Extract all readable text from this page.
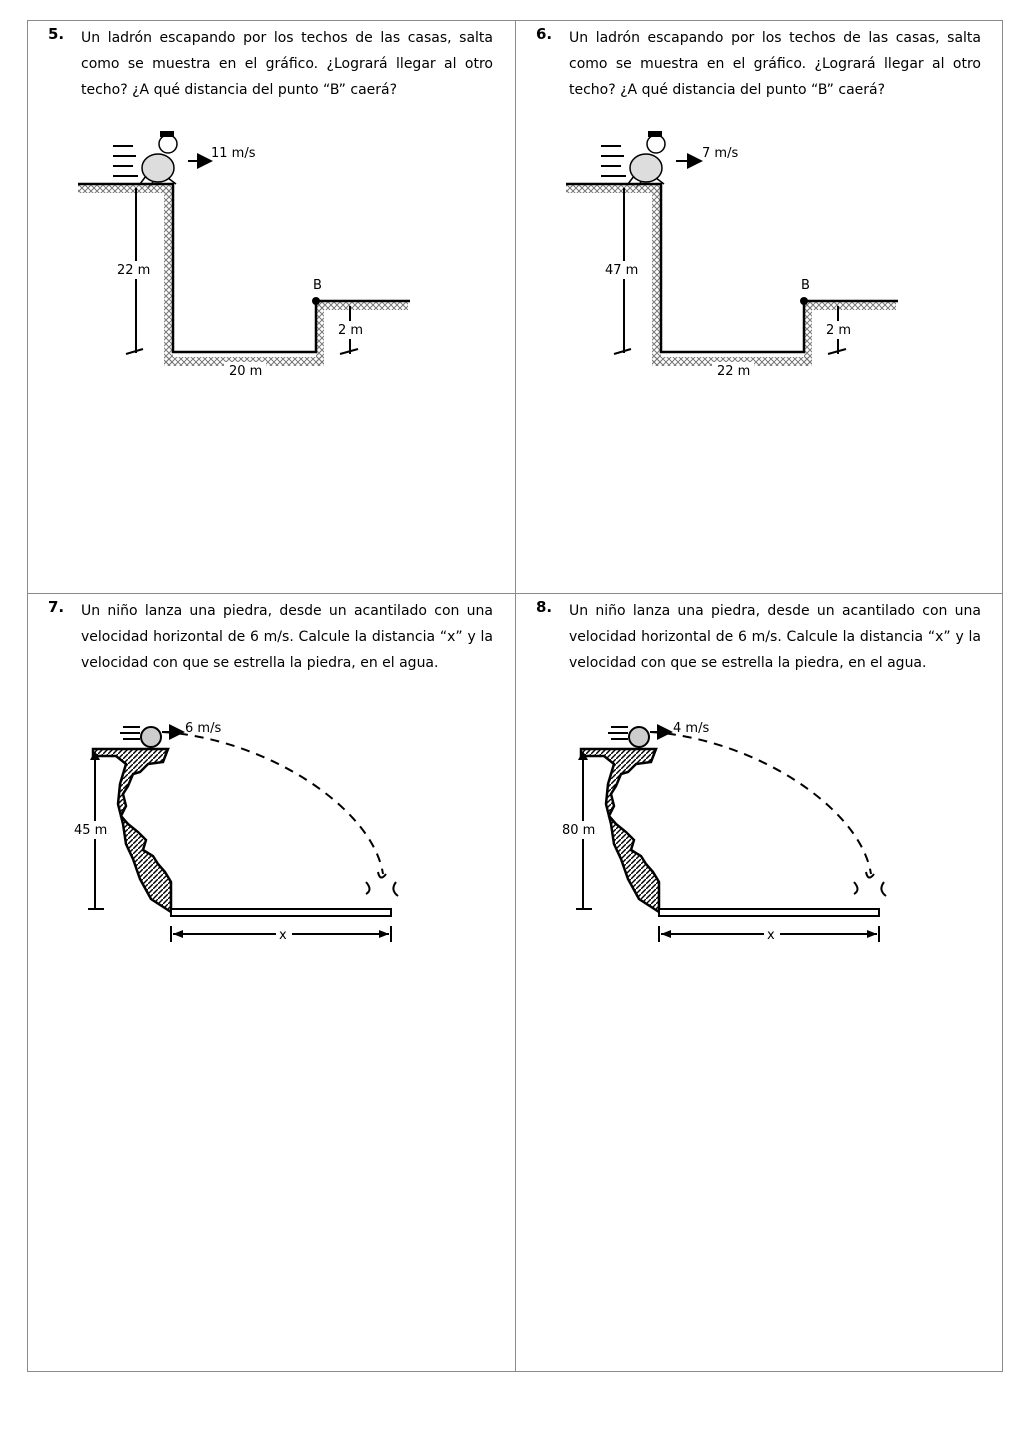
5. Un ladrón escapando por los techos de las casas, salta como se muestra en el gráfico. ¿Logrará llegar al otro techo? ¿A qué distancia del punto “B” caerá?
11 m/s
B
22 m
2 m
20 m
6. Un ladrón escapando por los techos de las casas, salta como se muestra en el gráfico. ¿Logrará llegar al otro techo? ¿A qué distancia del punto “B” caerá?
7 m/s
B
47 m
2 m
22 m
7. Un niño lanza una piedra, desde un acantilado con una velocidad horizontal de 6 m/s. Calcule la distancia “x” y la velocidad con que se estrella la piedra, en el agua.
6 m/s
45 m
x
8. Un niño lanza una piedra, desde un acantilado con una velocidad horizontal de 6 m/s. Calcule la distancia “x” y la velocidad con que se estrella la piedra, en el agua.
4 m/s
80 m
x
